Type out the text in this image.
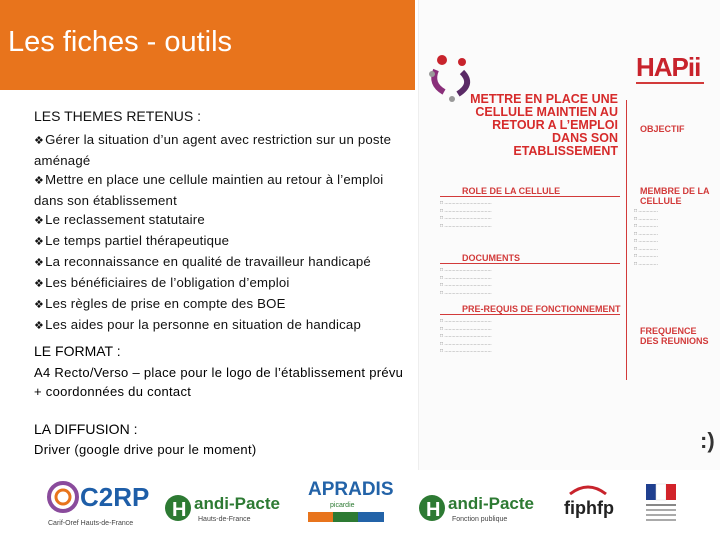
Les fiches - outils
LES THEMES RETENUS :
❖Gérer la situation d’un agent avec restriction sur un poste aménagé
❖Mettre en place une cellule maintien au retour à l’emploi dans son établissement
❖Le reclassement statutaire
❖Le temps partiel thérapeutique
❖La reconnaissance en qualité de travailleur handicapé
❖Les bénéficiaires de l’obligation d’emploi
❖Les règles de prise en compte des BOE
❖Les aides pour la personne en situation de handicap
LE FORMAT :
A4 Recto/Verso – place pour le logo de l’établissement prévu + coordonnées du contact
LA DIFFUSION :
Driver (google drive pour le moment)
HAPii
METTRE EN PLACE UNE CELLULE MAINTIEN AU RETOUR A L’EMPLOI DANS SON ETABLISSEMENT
ROLE DE LA CELLULE
□ ..................................
□ ..................................
□ ..................................
□ ..................................
DOCUMENTS
□ ..................................
□ ..................................
□ ..................................
□ ..................................
PRE-REQUIS DE FONCTIONNEMENT
□ ..................................
□ ..................................
□ ..................................
□ ..................................
□ ..................................
OBJECTIF
MEMBRE DE LA CELLULE
□ ..............
□ ..............
□ ..............
□ ..............
□ ..............
□ ..............
□ ..............
□ ..............
FREQUENCE DES REUNIONS
:)
C2RP
Carif-Oref Hauts-de-France
H andi-Pacte
Hauts-de-France
APRADIS
picardie	H andi-Pacte
Fonction publique
fiphfp
